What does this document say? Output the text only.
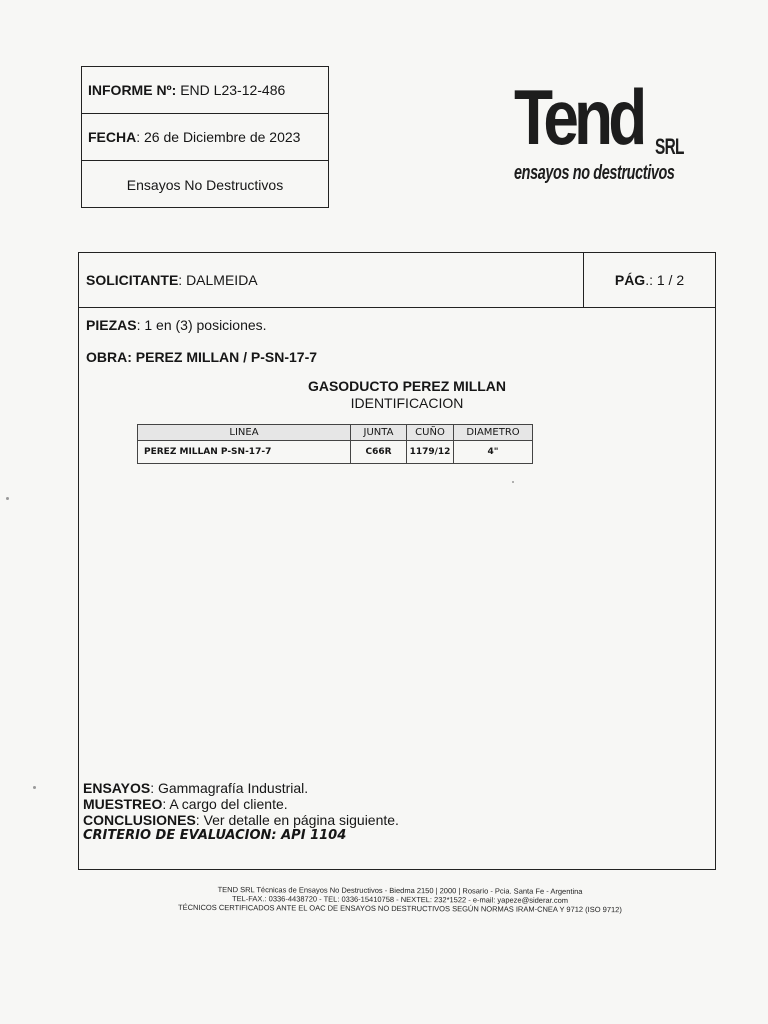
INFORME Nº:
END L23-12-486
FECHA : 26 de Diciembre de 2023
Ensayos No Destructivos
Tend SRL
ensayos no destructivos
SOLICITANTE : DALMEIDA	PÁG .: 1 / 2
PIEZAS: 1 en (3) posiciones.
OBRA: PEREZ MILLAN / P-SN-17-7
GASODUCTO PEREZ MILLAN
IDENTIFICACION
LINEA	JUNTA	CUÑO	DIAMETRO
PEREZ MILLAN P-SN-17-7	C66R	1179/12	4"
ENSAYOS: Gammagrafía Industrial.
MUESTREO: A cargo del cliente.
CONCLUSIONES: Ver detalle en página siguiente.
CRITERIO DE EVALUACION: API 1104
TEND SRL Técnicas de Ensayos No Destructivos - Biedma 2150 | 2000 | Rosario - Pcia. Santa Fe - Argentina
TEL-FAX.: 0336-4438720 - TEL: 0336-15410758 - NEXTEL: 232*1522 - e-mail: yapeze@siderar.com
TÉCNICOS CERTIFICADOS ANTE EL OAC DE ENSAYOS NO DESTRUCTIVOS SEGÚN NORMAS IRAM-CNEA Y 9712 (ISO 9712)
